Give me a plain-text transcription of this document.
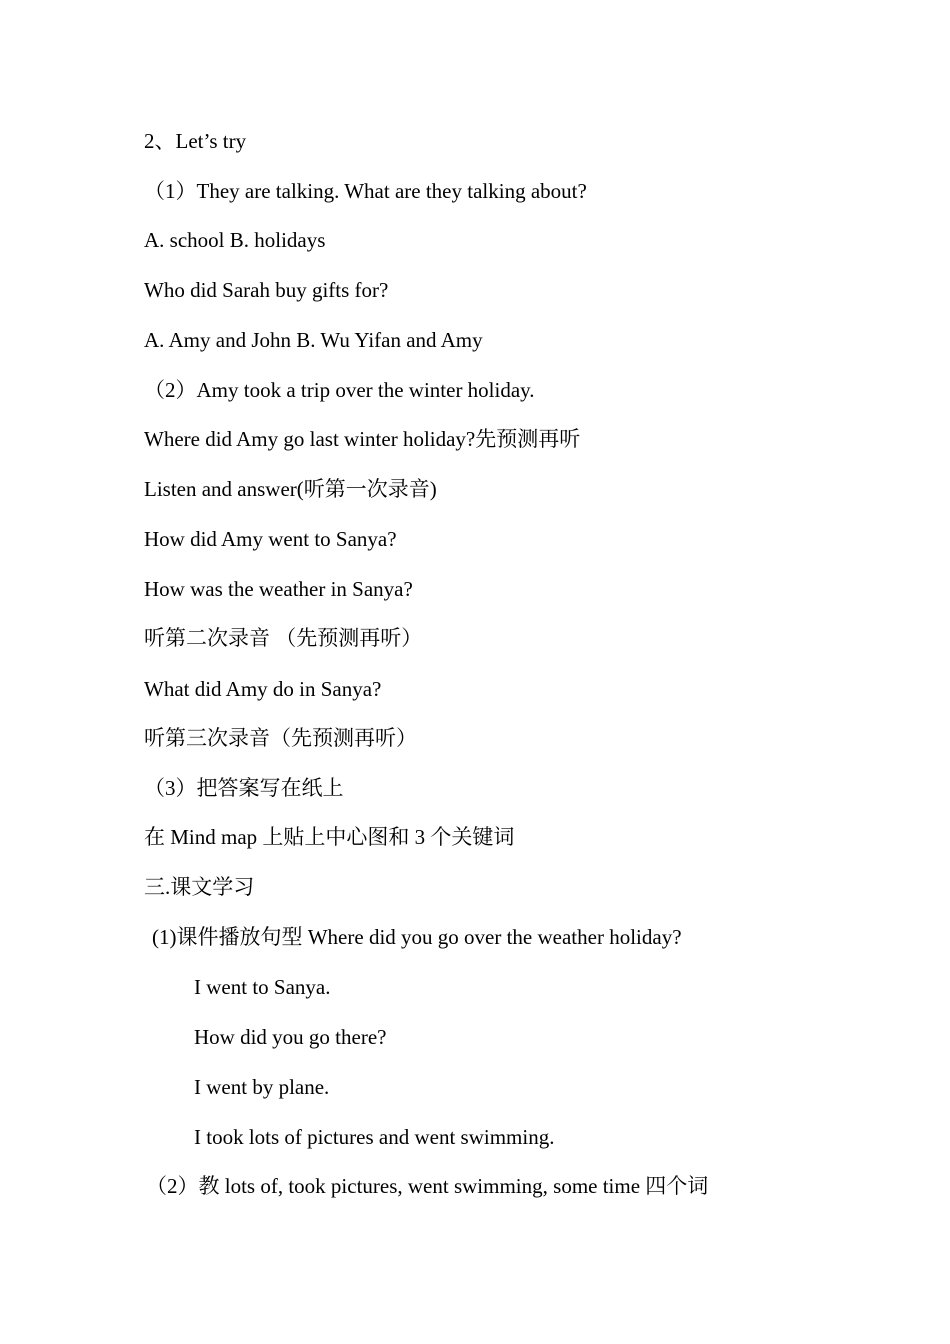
2、Let’s try
（1）They are talking. What are they talking about?
A. school B. holidays
Who did Sarah buy gifts for?
A. Amy and John B. Wu Yifan and Amy
（2）Amy took a trip over the winter holiday.
Where did Amy go last winter holiday?先预测再听
Listen and answer(听第一次录音)
How did Amy went to Sanya?
How was the weather in Sanya?
听第二次录音 （先预测再听）
What did Amy do in Sanya?
听第三次录音（先预测再听）
（3）把答案写在纸上
在 Mind map 上贴上中心图和 3 个关键词
三.课文学习
(1)课件播放句型 Where did you go over the weather holiday?
I went to Sanya.
How did you go there?
I went by plane.
I took lots of pictures and went swimming.
（2）教 lots of, took pictures, went swimming, some time 四个词
